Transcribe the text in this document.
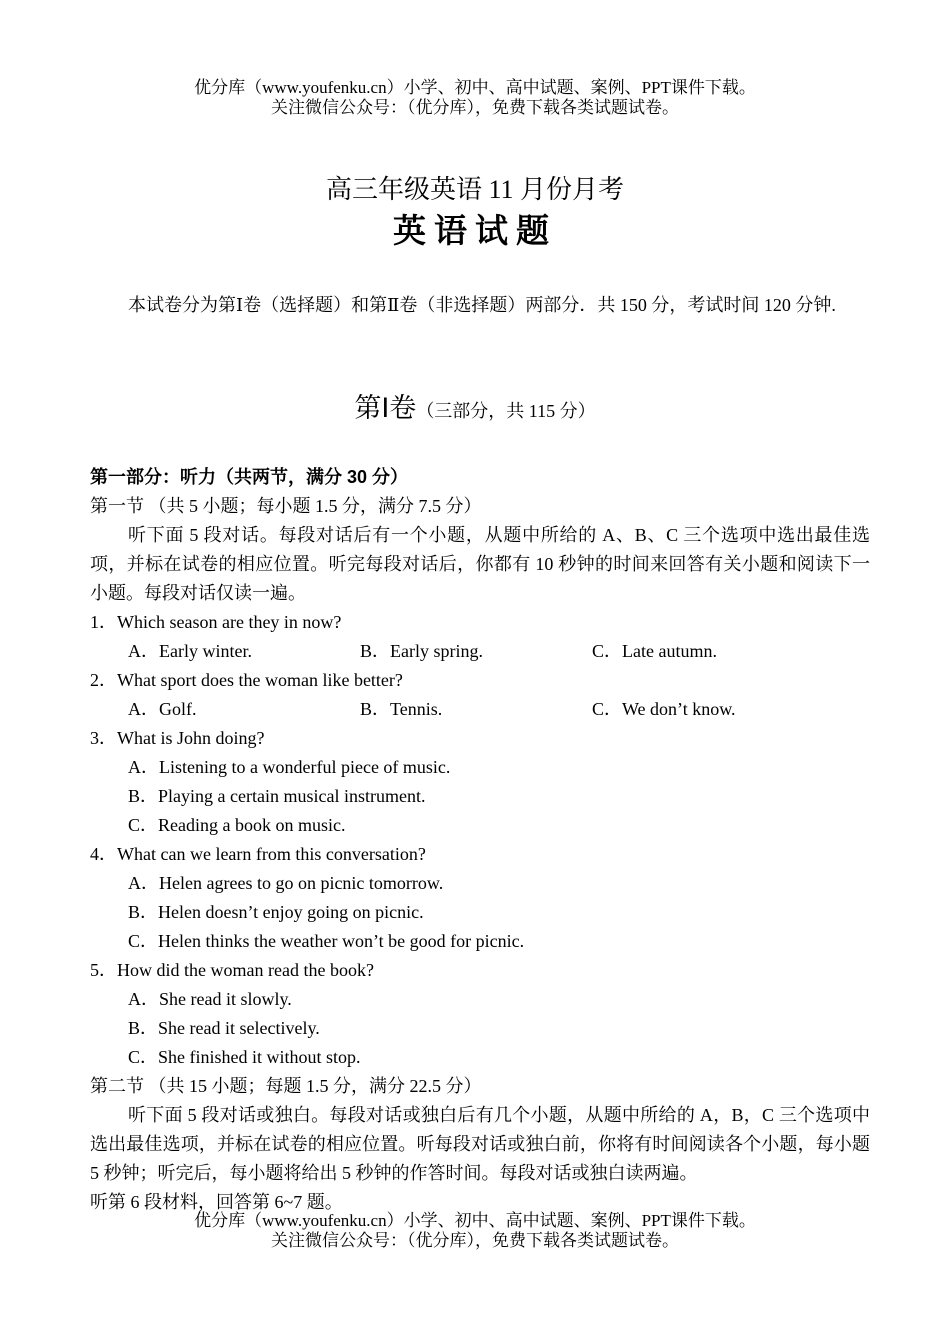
优分库（www.youfenku.cn）小学、初中、高中试题、案例、PPT课件下载。
关注微信公众号：（优分库），免费下载各类试题试卷。
高三年级英语 11 月份月考
英语试题
本试卷分为第Ⅰ卷（选择题）和第Ⅱ卷（非选择题）两部分．共 150 分，考试时间 120 分钟.
第Ⅰ卷（三部分，共 115 分）
第一部分：听力（共两节，满分 30 分）
第一节 （共 5 小题；每小题 1.5 分，满分 7.5 分）
听下面 5 段对话。每段对话后有一个小题，从题中所给的 A、B、C 三个选项中选出最佳选项，并标在试卷的相应位置。听完每段对话后，你都有 10 秒钟的时间来回答有关小题和阅读下一小题。每段对话仅读一遍。
1．Which season are they in now?
A．Early winter.	B．Early spring.	C．Late autumn.
2．What sport does the woman like better?
A．Golf.	B．Tennis.	C．We don’t know.
3．What is John doing?
A．Listening to a wonderful piece of music.
B．Playing a certain musical instrument.
C．Reading a book on music.
4．What can we learn from this conversation?
A．Helen agrees to go on picnic tomorrow.
B．Helen doesn’t enjoy going on picnic.
C．Helen thinks the weather won’t be good for picnic.
5．How did the woman read the book?
A．She read it slowly.
B．She read it selectively.
C．She finished it without stop.
第二节 （共 15 小题；每题 1.5 分，满分 22.5 分）
听下面 5 段对话或独白。每段对话或独白后有几个小题，从题中所给的 A，B，C 三个选项中选出最佳选项，并标在试卷的相应位置。听每段对话或独白前，你将有时间阅读各个小题，每小题 5 秒钟；听完后，每小题将给出 5 秒钟的作答时间。每段对话或独白读两遍。
听第 6 段材料，回答第 6~7 题。
优分库（www.youfenku.cn）小学、初中、高中试题、案例、PPT课件下载。
关注微信公众号：（优分库），免费下载各类试题试卷。
